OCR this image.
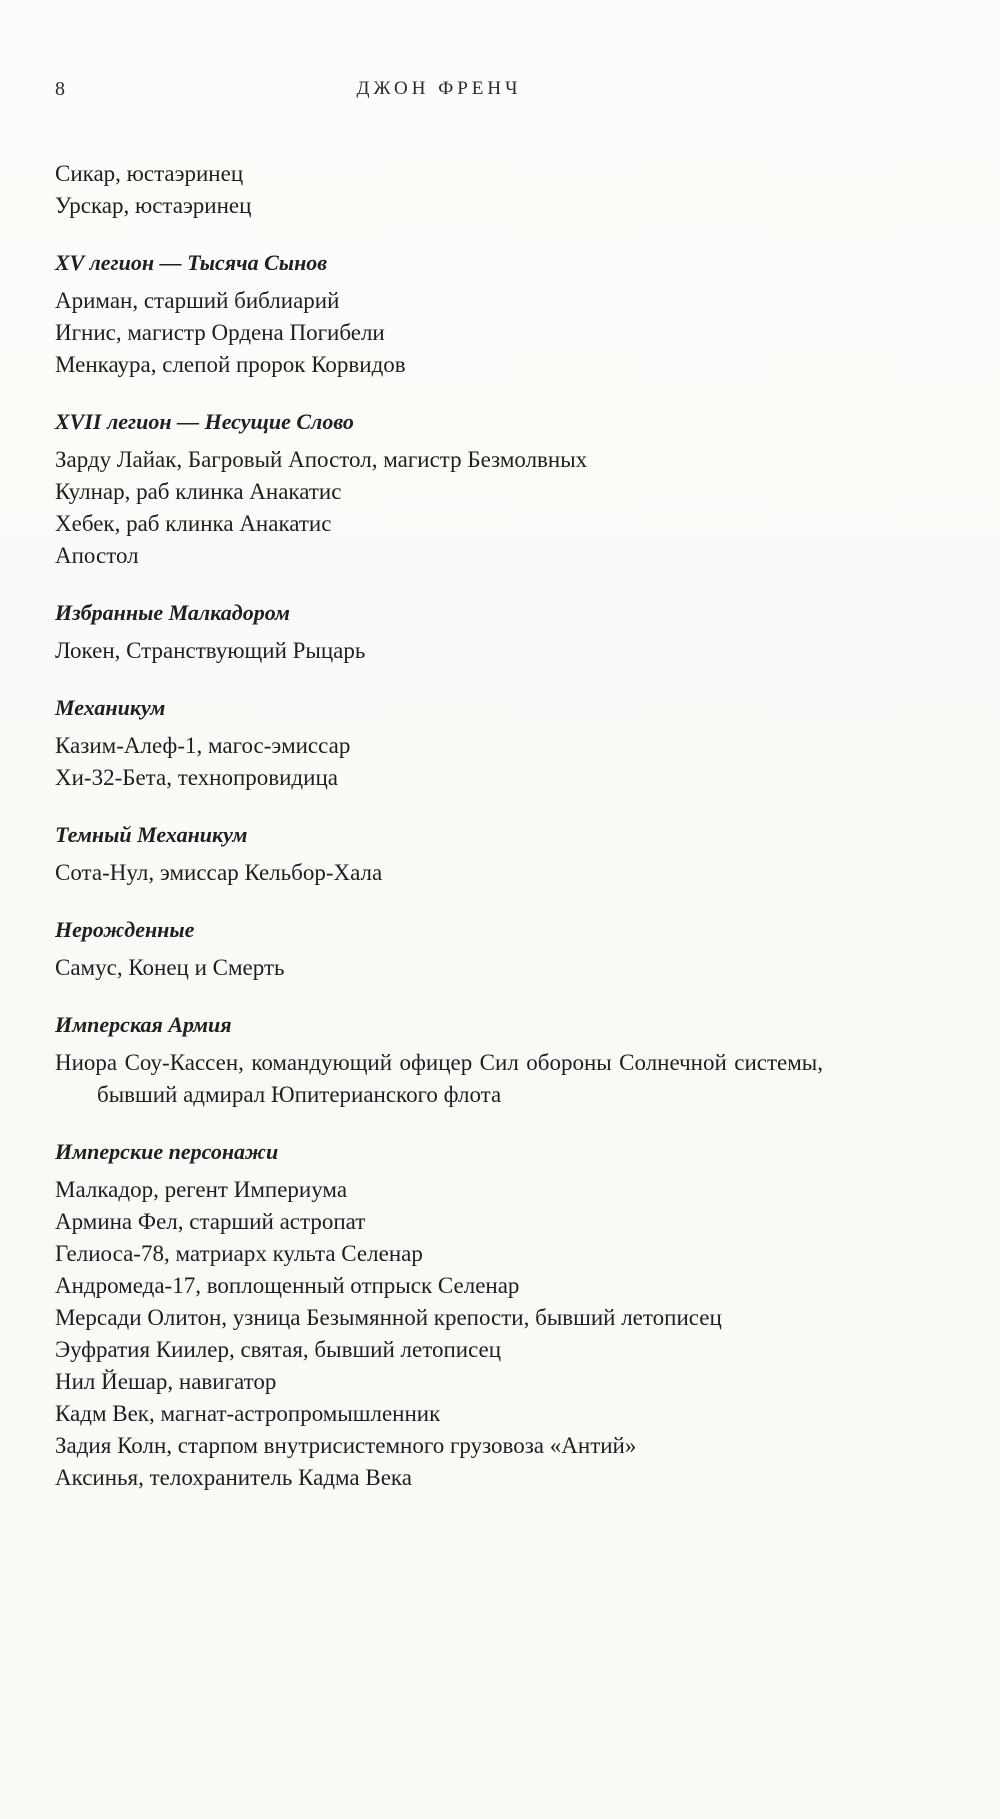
8	ДЖОН ФРЕНЧ

Сикар, юстаэринец

Урскар, юстаэринец

XV легион — Тысяча Сынов

Ариман, старший библиарий

Игнис, магистр Ордена Погибели

Менкаура, слепой пророк Корвидов

XVII легион — Несущие Слово

Зарду Лайак, Багровый Апостол, магистр Безмолвных

Кулнар, раб клинка Анакатис

Хебек, раб клинка Анакатис

Апостол

Избранные Малкадором

Локен, Странствующий Рыцарь

Механикум

Казим-Алеф-1, магос-эмиссар

Хи-32-Бета, технопровидица

Темный Механикум

Сота-Нул, эмиссар Кельбор-Хала

Нерожденные

Самус, Конец и Смерть

Имперская Армия

Ниора Соу-Кассен, командующий офицер Сил обороны Солнечной системы, бывший адмирал Юпитерианского флота

Имперские персонажи

Малкадор, регент Империума

Армина Фел, старший астропат

Гелиоса-78, матриарх культа Селенар

Андромеда-17, воплощенный отпрыск Селенар

Мерсади Олитон, узница Безымянной крепости, бывший летописец

Эуфратия Киилер, святая, бывший летописец

Нил Йешар, навигатор

Кадм Век, магнат-астропромышленник

Задия Колн, старпом внутрисистемного грузовоза «Антий»

Аксинья, телохранитель Кадма Века
